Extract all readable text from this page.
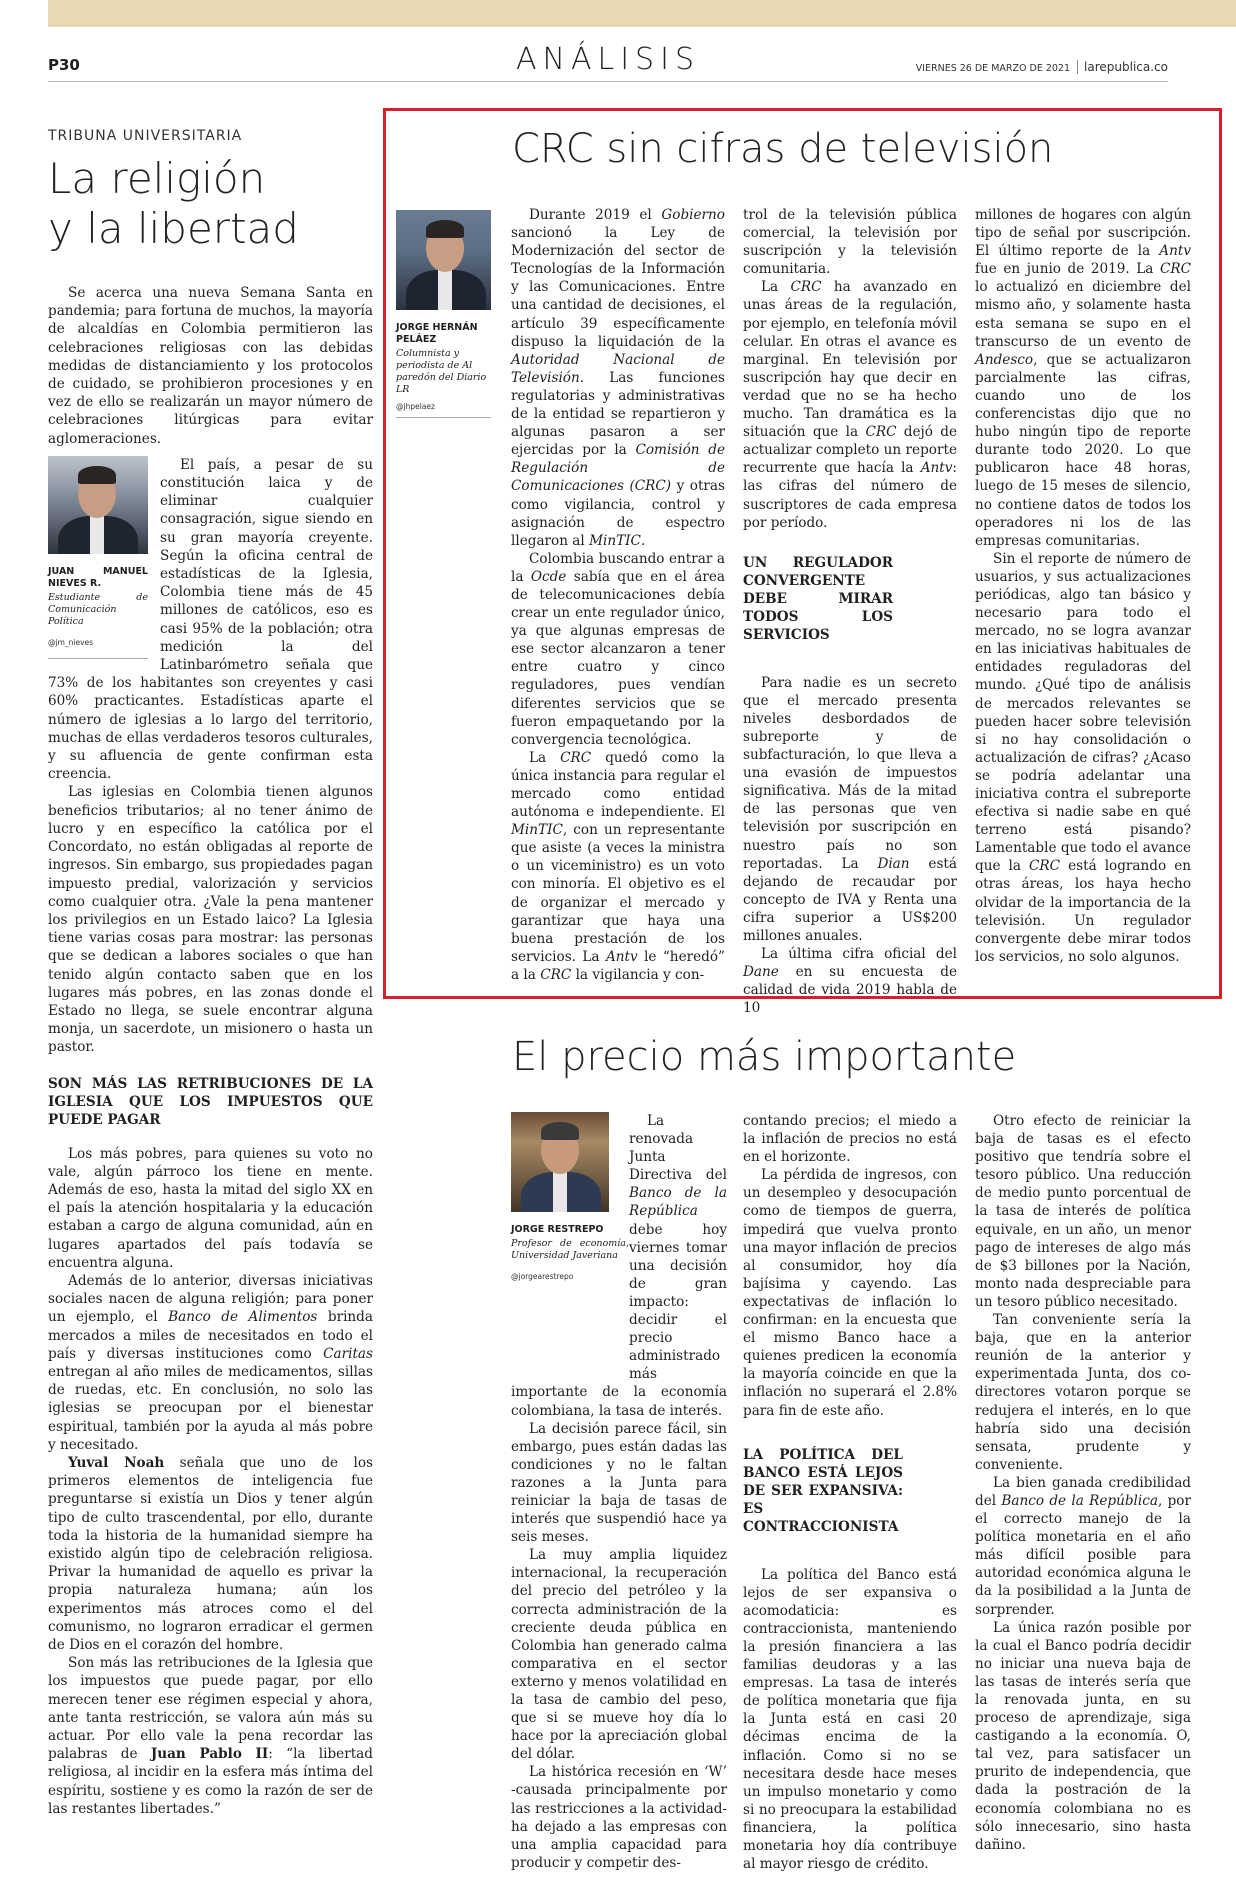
P30	ANÁLISIS	VIERNES 26 DE MARZO DE 2021 larepublica.co
TRIBUNA UNIVERSITARIA
La religión
y la libertad

Se acerca una nueva Semana Santa en pandemia; para fortuna de muchos, la mayoría de alcaldías en Colombia permitieron las celebraciones religiosas con las debidas medidas de distanciamiento y los protocolos de cuidado, se prohibieron procesiones y en vez de ello se realizarán un mayor número de celebraciones litúrgicas para evitar aglomeraciones.

JUAN MANUEL NIEVES R.
Estudiante de Comunicación Política
@jm_nieves

El país, a pesar de su constitución laica y de eliminar cualquier consagración, sigue siendo en su gran mayoría creyente. Según la oficina central de estadísticas de la Iglesia, Colombia tiene más de 45 millones de católicos, eso es casi 95% de la población; otra medición la del Latinbarómetro señala que 73% de los habitantes son creyentes y casi 60% practicantes. Estadísticas aparte el número de iglesias a lo largo del territorio, muchas de ellas verdaderos tesoros culturales, y su afluencia de gente confirman esta creencia.

Las iglesias en Colombia tienen algunos beneficios tributarios; al no tener ánimo de lucro y en específico la católica por el Concordato, no están obligadas al reporte de ingresos. Sin embargo, sus propiedades pagan impuesto predial, valorización y servicios como cualquier otra. ¿Vale la pena mantener los privilegios en un Estado laico? La Iglesia tiene varias cosas para mostrar: las personas que se dedican a labores sociales o que han tenido algún contacto saben que en los lugares más pobres, en las zonas donde el Estado no llega, se suele encontrar alguna monja, un sacerdote, un misionero o hasta un pastor.

SON MÁS LAS RETRIBUCIONES DE LA IGLESIA QUE LOS IMPUESTOS QUE PUEDE PAGAR

Los más pobres, para quienes su voto no vale, algún párroco los tiene en mente. Además de eso, hasta la mitad del siglo XX en el país la atención hospitalaria y la educación estaban a cargo de alguna comunidad, aún en lugares apartados del país todavía se encuentra alguna.

Además de lo anterior, diversas iniciativas sociales nacen de alguna religión; para poner un ejemplo, el Banco de Alimentos brinda mercados a miles de necesitados en todo el país y diversas instituciones como Caritas entregan al año miles de medicamentos, sillas de ruedas, etc. En conclusión, no solo las iglesias se preocupan por el bienestar espiritual, también por la ayuda al más pobre y necesitado.

Yuval Noah señala que uno de los primeros elementos de inteligencia fue preguntarse si existía un Dios y tener algún tipo de culto trascendental, por ello, durante toda la historia de la humanidad siempre ha existido algún tipo de celebración religiosa. Privar la humanidad de aquello es privar la propia naturaleza humana; aún los experimentos más atroces como el del comunismo, no lograron erradicar el germen de Dios en el corazón del hombre.

Son más las retribuciones de la Iglesia que los impuestos que puede pagar, por ello merecen tener ese régimen especial y ahora, ante tanta restricción, se valora aún más su actuar. Por ello vale la pena recordar las palabras de Juan Pablo II: “la libertad religiosa, al incidir en la esfera más íntima del espíritu, sostiene y es como la razón de ser de las restantes libertades.”

CRC sin cifras de televisión
JORGE HERNÁN PELÁEZ
Columnista y periodista de Al paredón del Diario LR
@jhpelaez

Durante 2019 el Gobierno sancionó la Ley de Modernización del sector de Tecnologías de la Información y las Comunicaciones. Entre una cantidad de decisiones, el artículo 39 específicamente dispuso la liquidación de la Autoridad Nacional de Televisión. Las funciones regulatorias y administrativas de la entidad se repartieron y algunas pasaron a ser ejercidas por la Comisión de Regulación de Comunicaciones (CRC) y otras como vigilancia, control y asignación de espectro llegaron al MinTIC.

Colombia buscando entrar a la Ocde sabía que en el área de telecomunicaciones debía crear un ente regulador único, ya que algunas empresas de ese sector alcanzaron a tener entre cuatro y cinco reguladores, pues vendían diferentes servicios que se fueron empaquetando por la convergencia tecnológica.

La CRC quedó como la única instancia para regular el mercado como entidad autónoma e independiente. El MinTIC, con un representante que asiste (a veces la ministra o un viceministro) es un voto con minoría. El objetivo es el de organizar el mercado y garantizar que haya una buena prestación de los servicios. La Antv le “heredó” a la CRC la vigilancia y con-

trol de la televisión pública comercial, la televisión por suscripción y la televisión comunitaria.

La CRC ha avanzado en unas áreas de la regulación, por ejemplo, en telefonía móvil celular. En otras el avance es marginal. En televisión por suscripción hay que decir en verdad que no se ha hecho mucho. Tan dramática es la situación que la CRC dejó de actualizar completo un reporte recurrente que hacía la Antv: las cifras del número de suscriptores de cada empresa por período.

UN REGULADOR CONVERGENTE DEBE MIRAR TODOS LOS SERVICIOS

Para nadie es un secreto que el mercado presenta niveles desbordados de subreporte y de subfacturación, lo que lleva a una evasión de impuestos significativa. Más de la mitad de las personas que ven televisión por suscripción en nuestro país no son reportadas. La Dian está dejando de recaudar por concepto de IVA y Renta una cifra superior a US$200 millones anuales.

La última cifra oficial del Dane en su encuesta de calidad de vida 2019 habla de 10

millones de hogares con algún tipo de señal por suscripción. El último reporte de la Antv fue en junio de 2019. La CRC lo actualizó en diciembre del mismo año, y solamente hasta esta semana se supo en el transcurso de un evento de Andesco, que se actualizaron parcialmente las cifras, cuando uno de los conferencistas dijo que no hubo ningún tipo de reporte durante todo 2020. Lo que publicaron hace 48 horas, luego de 15 meses de silencio, no contiene datos de todos los operadores ni los de las empresas comunitarias.

Sin el reporte de número de usuarios, y sus actualizaciones periódicas, algo tan básico y necesario para todo el mercado, no se logra avanzar en las iniciativas habituales de entidades reguladoras del mundo. ¿Qué tipo de análisis de mercados relevantes se pueden hacer sobre televisión si no hay consolidación o actualización de cifras? ¿Acaso se podría adelantar una iniciativa contra el subreporte efectiva si nadie sabe en qué terreno está pisando? Lamentable que todo el avance que la CRC está logrando en otras áreas, los haya hecho olvidar de la importancia de la televisión. Un regulador convergente debe mirar todos los servicios, no solo algunos.

El precio más importante
JORGE RESTREPO
Profesor de economía, Universidad Javeriana
@jorgearestrepo

La renovada Junta Directiva del Banco de la República debe hoy viernes tomar una decisión de gran impacto: decidir el precio administrado más importante de la economía colombiana, la tasa de interés.

La decisión parece fácil, sin embargo, pues están dadas las condiciones y no le faltan razones a la Junta para reiniciar la baja de tasas de interés que suspendió hace ya seis meses.

La muy amplia liquidez internacional, la recuperación del precio del petróleo y la correcta administración de la creciente deuda pública en Colombia han generado calma comparativa en el sector externo y menos volatilidad en la tasa de cambio del peso, que si se mueve hoy día lo hace por la apreciación global del dólar.

La histórica recesión en ‘W’ -causada principalmente por las restricciones a la actividad- ha dejado a las empresas con una amplia capacidad para producir y competir des-

contando precios; el miedo a la inflación de precios no está en el horizonte.

La pérdida de ingresos, con un desempleo y desocupación como de tiempos de guerra, impedirá que vuelva pronto una mayor inflación de precios al consumidor, hoy día bajísima y cayendo. Las expectativas de inflación lo confirman: en la encuesta que el mismo Banco hace a quienes predicen la economía la mayoría coincide en que la inflación no superará el 2.8% para fin de este año.

LA POLÍTICA DEL BANCO ESTÁ LEJOS DE SER EXPANSIVA: ES CONTRACCIONISTA

La política del Banco está lejos de ser expansiva o acomodaticia: es contraccionista, manteniendo la presión financiera a las familias deudoras y a las empresas. La tasa de interés de política monetaria que fija la Junta está en casi 20 décimas encima de la inflación. Como si no se necesitara desde hace meses un impulso monetario y como si no preocupara la estabilidad financiera, la política monetaria hoy día contribuye al mayor riesgo de crédito.

Otro efecto de reiniciar la baja de tasas es el efecto positivo que tendría sobre el tesoro público. Una reducción de medio punto porcentual de la tasa de interés de política equivale, en un año, un menor pago de intereses de algo más de $3 billones por la Nación, monto nada despreciable para un tesoro público necesitado.

Tan conveniente sería la baja, que en la anterior reunión de la anterior y experimentada Junta, dos co-directores votaron porque se redujera el interés, en lo que habría sido una decisión sensata, prudente y conveniente.

La bien ganada credibilidad del Banco de la República, por el correcto manejo de la política monetaria en el año más difícil posible para autoridad económica alguna le da la posibilidad a la Junta de sorprender.

La única razón posible por la cual el Banco podría decidir no iniciar una nueva baja de las tasas de interés sería que la renovada junta, en su proceso de aprendizaje, siga castigando a la economía. O, tal vez, para satisfacer un prurito de independencia, que dada la postración de la economía colombiana no es sólo innecesario, sino hasta dañino.
